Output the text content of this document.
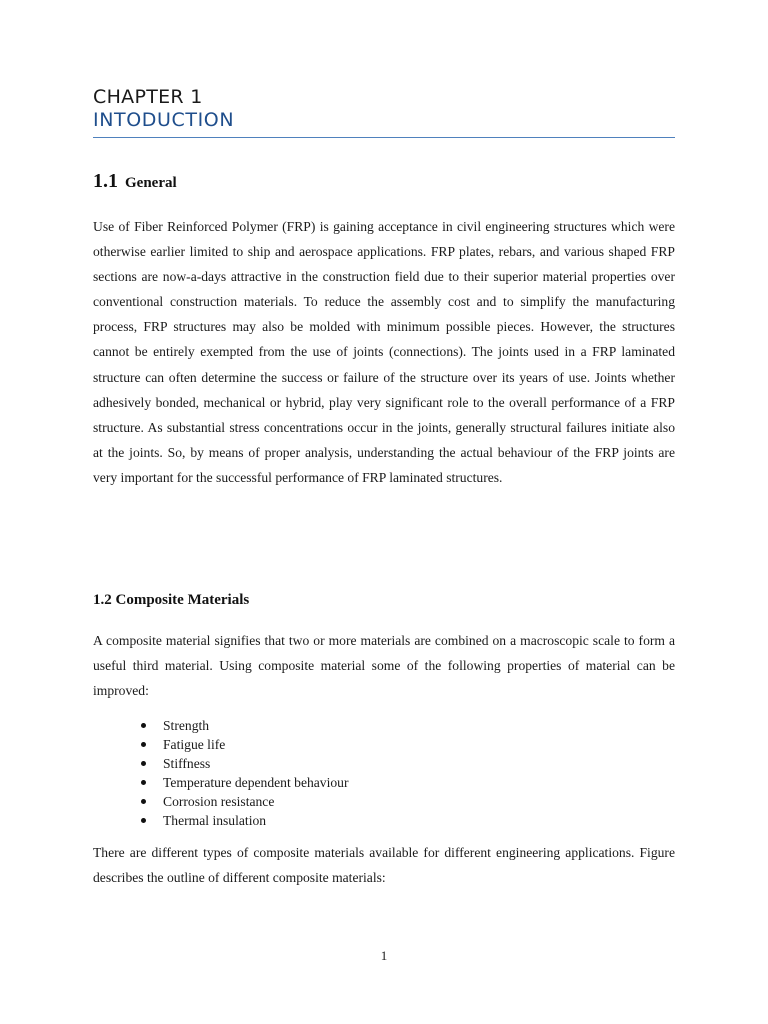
CHAPTER 1
INTODUCTION
1.1 General
Use of Fiber Reinforced Polymer (FRP) is gaining acceptance in civil engineering structures which were otherwise earlier limited to ship and aerospace applications. FRP plates, rebars, and various shaped FRP sections are now-a-days attractive in the construction field due to their superior material properties over conventional construction materials. To reduce the assembly cost and to simplify the manufacturing process, FRP structures may also be molded with minimum possible pieces. However, the structures cannot be entirely exempted from the use of joints (connections). The joints used in a FRP laminated structure can often determine the success or failure of the structure over its years of use. Joints whether adhesively bonded, mechanical or hybrid, play very significant role to the overall performance of a FRP structure. As substantial stress concentrations occur in the joints, generally structural failures initiate also at the joints. So, by means of proper analysis, understanding the actual behaviour of the FRP joints are very important for the successful performance of FRP laminated structures.
1.2 Composite Materials
A composite material signifies that two or more materials are combined on a macroscopic scale to form a useful third material. Using composite material some of the following properties of material can be improved:
Strength
Fatigue life
Stiffness
Temperature dependent behaviour
Corrosion resistance
Thermal insulation
There are different types of composite materials available for different engineering applications. Figure describes the outline of different composite materials:
1
